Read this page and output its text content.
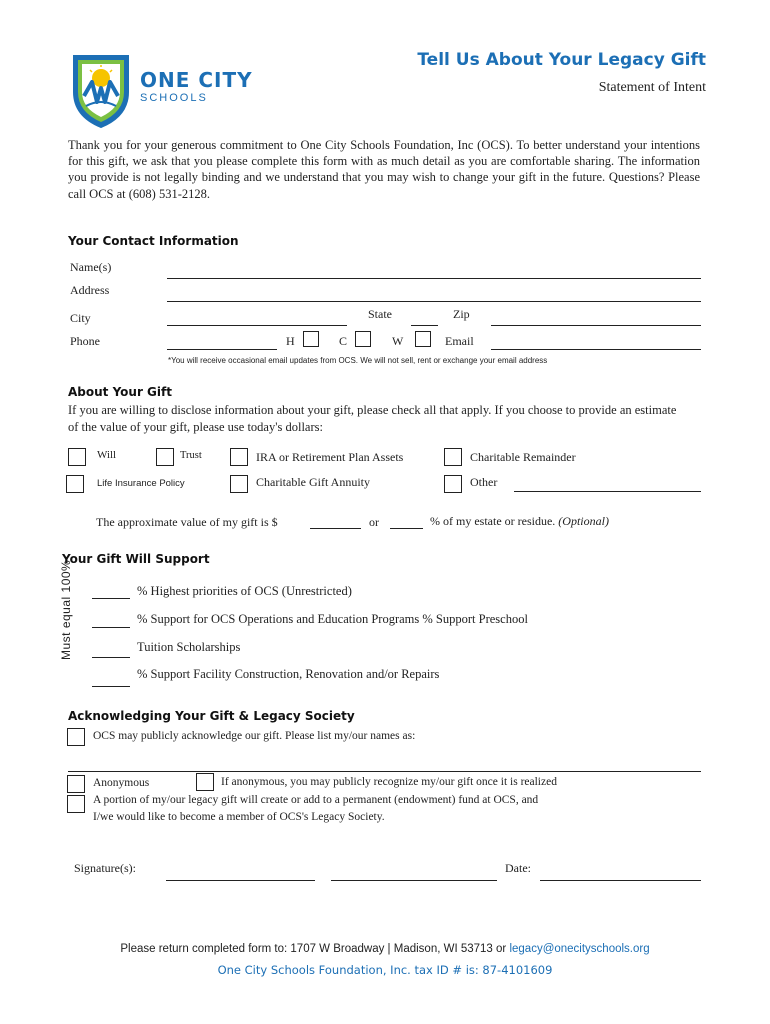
ONE CITY
SCHOOLS
Tell Us About Your Legacy Gift
Statement of Intent
Thank you for your generous commitment to One City Schools Foundation, Inc (OCS). To better understand your intentions for this gift, we ask that you please complete this form with as much detail as you are comfortable sharing. The information you provide is not legally binding and we understand that you may wish to change your gift in the future. Questions? Please call OCS at (608) 531-2128.
Your Contact Information
Name(s)
Address
City	State	Zip
Phone	H	C	W	Email
*You will receive occasional email updates from OCS. We will not sell, rent or exchange your email address
About Your Gift
If you are willing to disclose information about your gift, please check all that apply. If you choose to provide an estimate of the value of your gift, please use today's dollars:
Will	Trust	IRA or Retirement Plan Assets	Charitable Remainder
Life Insurance Policy	Charitable Gift Annuity	Other
The approximate value of my gift is $	or	% of my estate or residue. (Optional)
Your Gift Will Support
Must equal 100%	% Highest priorities of OCS (Unrestricted)
% Support for OCS Operations and Education Programs % Support Preschool
Tuition Scholarships
% Support Facility Construction, Renovation and/or Repairs
Acknowledging Your Gift & Legacy Society
OCS may publicly acknowledge our gift. Please list my/our names as:
Anonymous	If anonymous, you may publicly recognize my/our gift once it is realized
A portion of my/our legacy gift will create or add to a permanent (endowment) fund at OCS, and
I/we would like to become a member of OCS's Legacy Society.
Signature(s):	Date:
Please return completed form to: 1707 W Broadway | Madison, WI 53713 or legacy@onecityschools.org
One City Schools Foundation, Inc. tax ID # is: 87-4101609
